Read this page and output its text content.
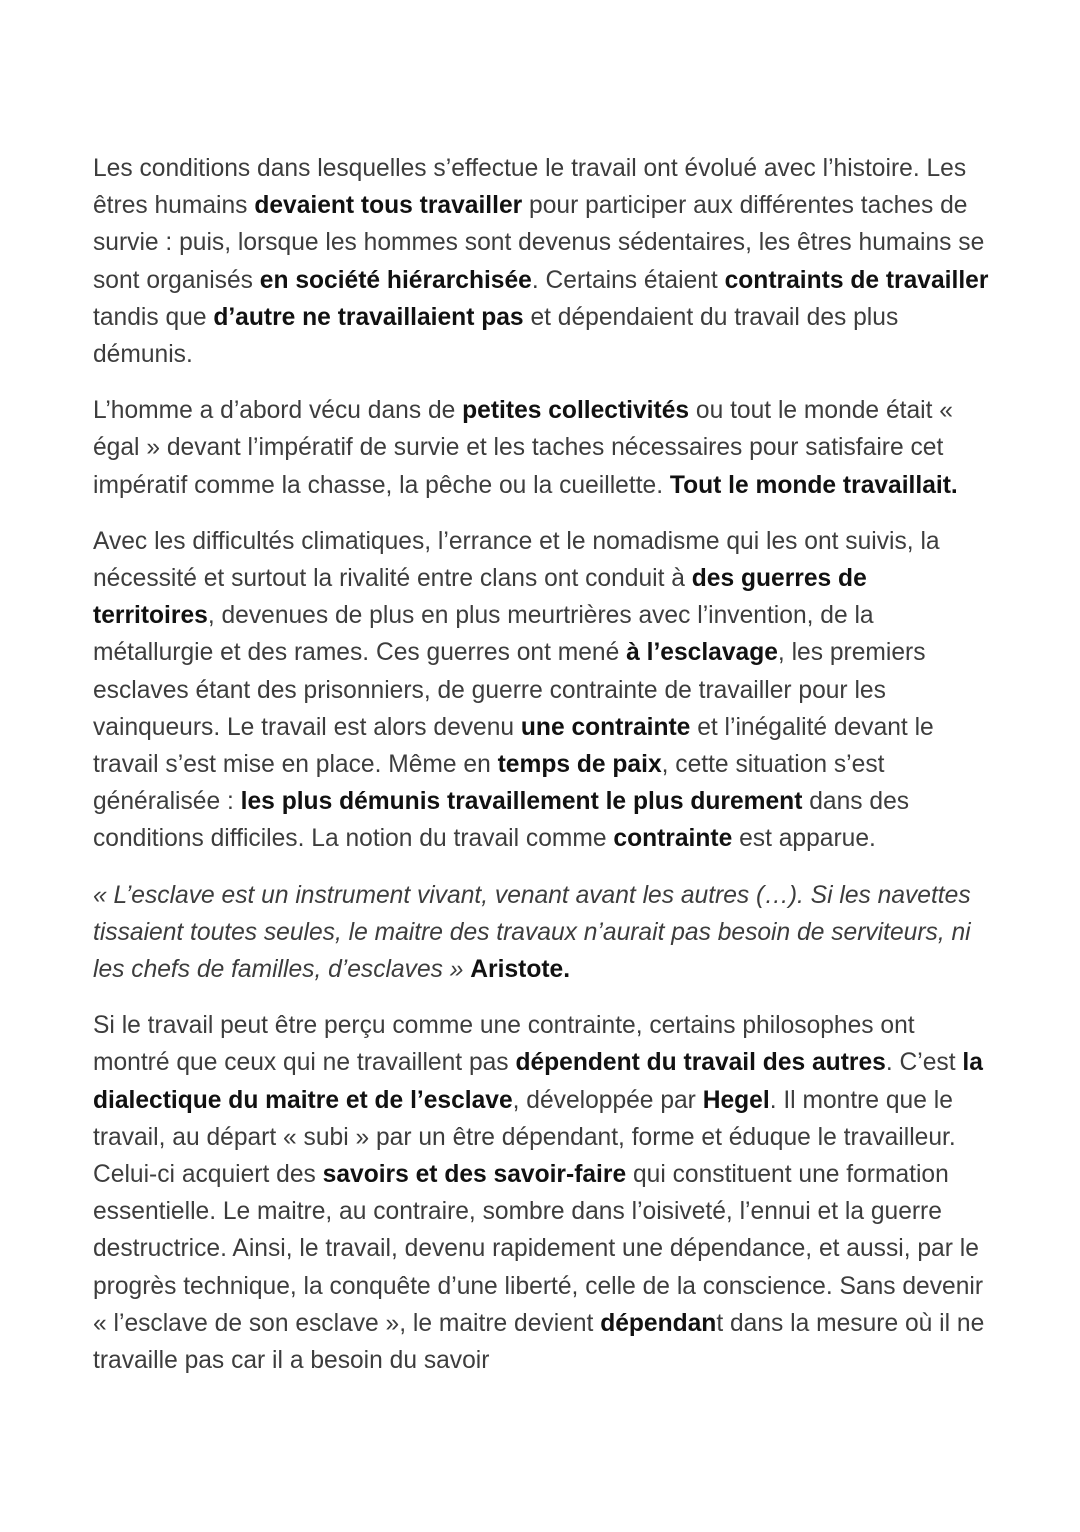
Les conditions dans lesquelles s’effectue le travail ont évolué avec l’histoire. Les êtres humains devaient tous travailler pour participer aux différentes taches de survie : puis, lorsque les hommes sont devenus sédentaires, les êtres humains se sont organisés en société hiérarchisée. Certains étaient contraints de travailler tandis que d’autre ne travaillaient pas et dépendaient du travail des plus démunis.

L’homme a d’abord vécu dans de petites collectivités ou tout le monde était « égal » devant l’impératif de survie et les taches nécessaires pour satisfaire cet impératif comme la chasse, la pêche ou la cueillette. Tout le monde travaillait.

Avec les difficultés climatiques, l’errance et le nomadisme qui les ont suivis, la nécessité et surtout la rivalité entre clans ont conduit à des guerres de territoires, devenues de plus en plus meurtrières avec l’invention, de la métallurgie et des rames. Ces guerres ont mené à l’esclavage, les premiers esclaves étant des prisonniers, de guerre contrainte de travailler pour les vainqueurs. Le travail est alors devenu une contrainte et l’inégalité devant le travail s’est mise en place. Même en temps de paix, cette situation s’est généralisée : les plus démunis travaillement le plus durement dans des conditions difficiles. La notion du travail comme contrainte est apparue.

« L’esclave est un instrument vivant, venant avant les autres (…). Si les navettes tissaient toutes seules, le maitre des travaux n’aurait pas besoin de serviteurs, ni les chefs de familles, d’esclaves » Aristote.

Si le travail peut être perçu comme une contrainte, certains philosophes ont montré que ceux qui ne travaillent pas dépendent du travail des autres. C’est la dialectique du maitre et de l’esclave, développée par Hegel. Il montre que le travail, au départ « subi » par un être dépendant, forme et éduque le travailleur. Celui-ci acquiert des savoirs et des savoir-faire qui constituent une formation essentielle. Le maitre, au contraire, sombre dans l’oisiveté, l’ennui et la guerre destructrice. Ainsi, le travail, devenu rapidement une dépendance, et aussi, par le progrès technique, la conquête d’une liberté, celle de la conscience. Sans devenir « l’esclave de son esclave », le maitre devient dépendant dans la mesure où il ne travaille pas car il a besoin du savoir
